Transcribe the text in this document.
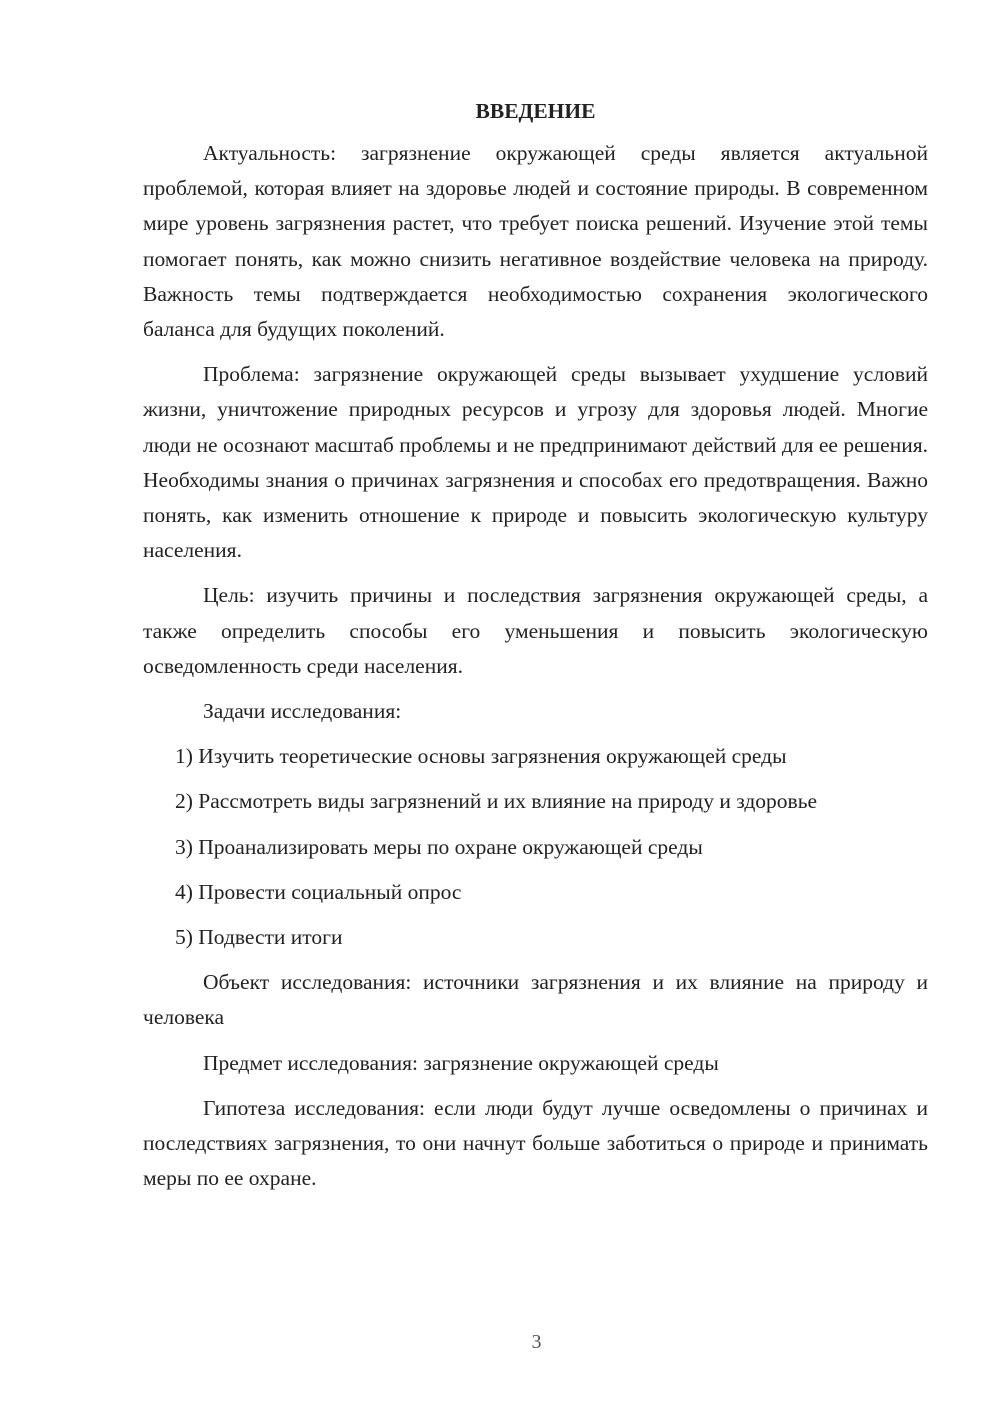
ВВЕДЕНИЕ

Актуальность: загрязнение окружающей среды является актуальной проблемой, которая влияет на здоровье людей и состояние природы. В современном мире уровень загрязнения растет, что требует поиска решений. Изучение этой темы помогает понять, как можно снизить негативное воздействие человека на природу. Важность темы подтверждается необходимостью сохранения экологического баланса для будущих поколений.

Проблема: загрязнение окружающей среды вызывает ухудшение условий жизни, уничтожение природных ресурсов и угрозу для здоровья людей. Многие люди не осознают масштаб проблемы и не предпринимают действий для ее решения. Необходимы знания о причинах загрязнения и способах его предотвращения. Важно понять, как изменить отношение к природе и повысить экологическую культуру населения.

Цель: изучить причины и последствия загрязнения окружающей среды, а также определить способы его уменьшения и повысить экологическую осведомленность среди населения.

Задачи исследования:

1) Изучить теоретические основы загрязнения окружающей среды
2) Рассмотреть виды загрязнений и их влияние на природу и здоровье
3) Проанализировать меры по охране окружающей среды
4) Провести социальный опрос
5) Подвести итоги

Объект исследования: источники загрязнения и их влияние на природу и человека

Предмет исследования: загрязнение окружающей среды

Гипотеза исследования: если люди будут лучше осведомлены о причинах и последствиях загрязнения, то они начнут больше заботиться о природе и принимать меры по ее охране.

3
